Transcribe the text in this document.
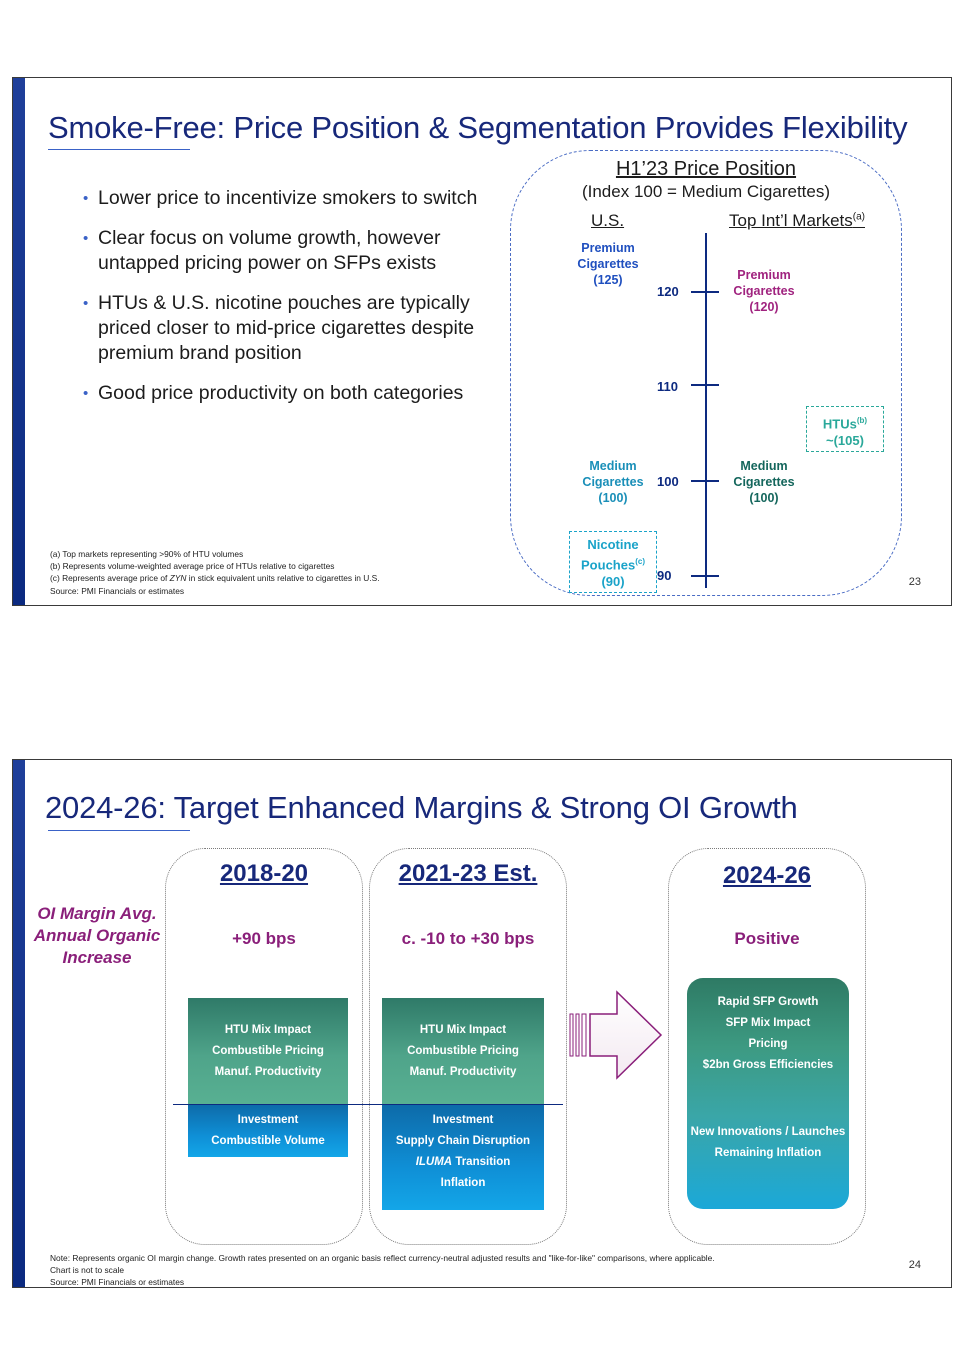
Smoke-Free: Price Position & Segmentation Provides Flexibility
• Lower price to incentivize smokers to switch
• Clear focus on volume growth, however untapped pricing power on SFPs exists
• HTUs & U.S. nicotine pouches are typically priced closer to mid-price cigarettes despite premium brand position
• Good price productivity on both categories
H1’23 Price Position
(Index 100 = Medium Cigarettes)
U.S.	Top Int’l Markets$^{(a)}$
120
110
100
90
Premium
Cigarettes
(125)
Medium
Cigarettes
(100)
Nicotine
Pouches$^{(c)}$
(90)
Premium
Cigarettes
(120)
HTUs$^{(b)}$
~(105)
Medium
Cigarettes
(100)
(a) Top markets representing >90% of HTU volumes
(b) Represents volume-weighted average price of HTUs relative to cigarettes
(c) Represents average price of ZYN in stick equivalent units relative to cigarettes in U.S.
Source: PMI Financials or estimates
23
2024-26: Target Enhanced Margins & Strong OI Growth
OI Margin Avg.
Annual Organic
Increase
2018-20	2021-23 Est.	2024-26
+90 bps	c. -10 to +30 bps	Positive
HTU Mix Impact
Combustible Pricing
Manuf. Productivity
Investment
Combustible Volume
HTU Mix Impact
Combustible Pricing
Manuf. Productivity
Investment
Supply Chain Disruption
ILUMA Transition
Inflation
Rapid SFP Growth
SFP Mix Impact
Pricing
$2bn Gross Efficiencies
New Innovations / Launches
Remaining Inflation
Note: Represents organic OI margin change. Growth rates presented on an organic basis reflect currency-neutral adjusted results and "like-for-like" comparisons, where applicable.
Chart is not to scale
Source: PMI Financials or estimates
24
